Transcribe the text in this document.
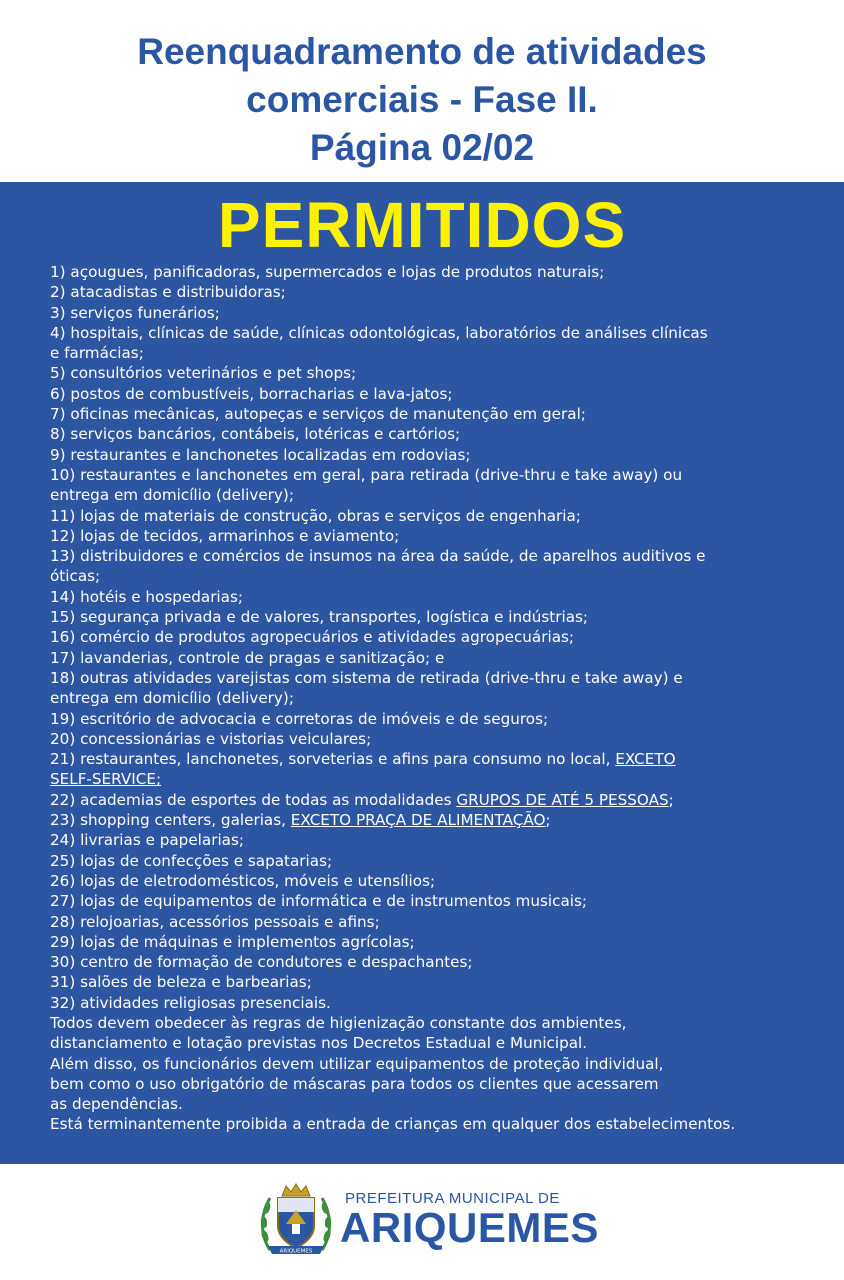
Reenquadramento de atividades
comerciais - Fase II.
Página 02/02
PERMITIDOS
1) açougues, panificadoras, supermercados e lojas de produtos naturais;
2) atacadistas e distribuidoras;
3) serviços funerários;
4) hospitais, clínicas de saúde, clínicas odontológicas, laboratórios de análises clínicas
e farmácias;
5) consultórios veterinários e pet shops;
6) postos de combustíveis, borracharias e lava-jatos;
7) oficinas mecânicas, autopeças e serviços de manutenção em geral;
8) serviços bancários, contábeis, lotéricas e cartórios;
9) restaurantes e lanchonetes localizadas em rodovias;
10) restaurantes e lanchonetes em geral, para retirada (drive-thru e take away) ou
entrega em domicílio (delivery);
11) lojas de materiais de construção, obras e serviços de engenharia;
12) lojas de tecidos, armarinhos e aviamento;
13) distribuidores e comércios de insumos na área da saúde, de aparelhos auditivos e
óticas;
14) hotéis e hospedarias;
15) segurança privada e de valores, transportes, logística e indústrias;
16) comércio de produtos agropecuários e atividades agropecuárias;
17) lavanderias, controle de pragas e sanitização; e
18) outras atividades varejistas com sistema de retirada (drive-thru e take away) e
entrega em domicílio (delivery);
19) escritório de advocacia e corretoras de imóveis e de seguros;
20) concessionárias e vistorias veiculares;
21) restaurantes, lanchonetes, sorveterias e afins para consumo no local, EXCETO
SELF-SERVICE;
22) academias de esportes de todas as modalidades GRUPOS DE ATÉ 5 PESSOAS;
23) shopping centers, galerias, EXCETO PRAÇA DE ALIMENTAÇÃO;
24) livrarias e papelarias;
25) lojas de confecções e sapatarias;
26) lojas de eletrodomésticos, móveis e utensílios;
27) lojas de equipamentos de informática e de instrumentos musicais;
28) relojoarias, acessórios pessoais e afins;
29) lojas de máquinas e implementos agrícolas;
30) centro de formação de condutores e despachantes;
31) salões de beleza e barbearias;
32) atividades religiosas presenciais.
Todos devem obedecer às regras de higienização constante dos ambientes,
distanciamento e lotação previstas nos Decretos Estadual e Municipal.
Além disso, os funcionários devem utilizar equipamentos de proteção individual,
bem como o uso obrigatório de máscaras para todos os clientes que acessarem
as dependências.
Está terminantemente proibida a entrada de crianças em qualquer dos estabelecimentos.
ARIQUEMES
PREFEITURA MUNICIPAL DE
ARIQUEMES
